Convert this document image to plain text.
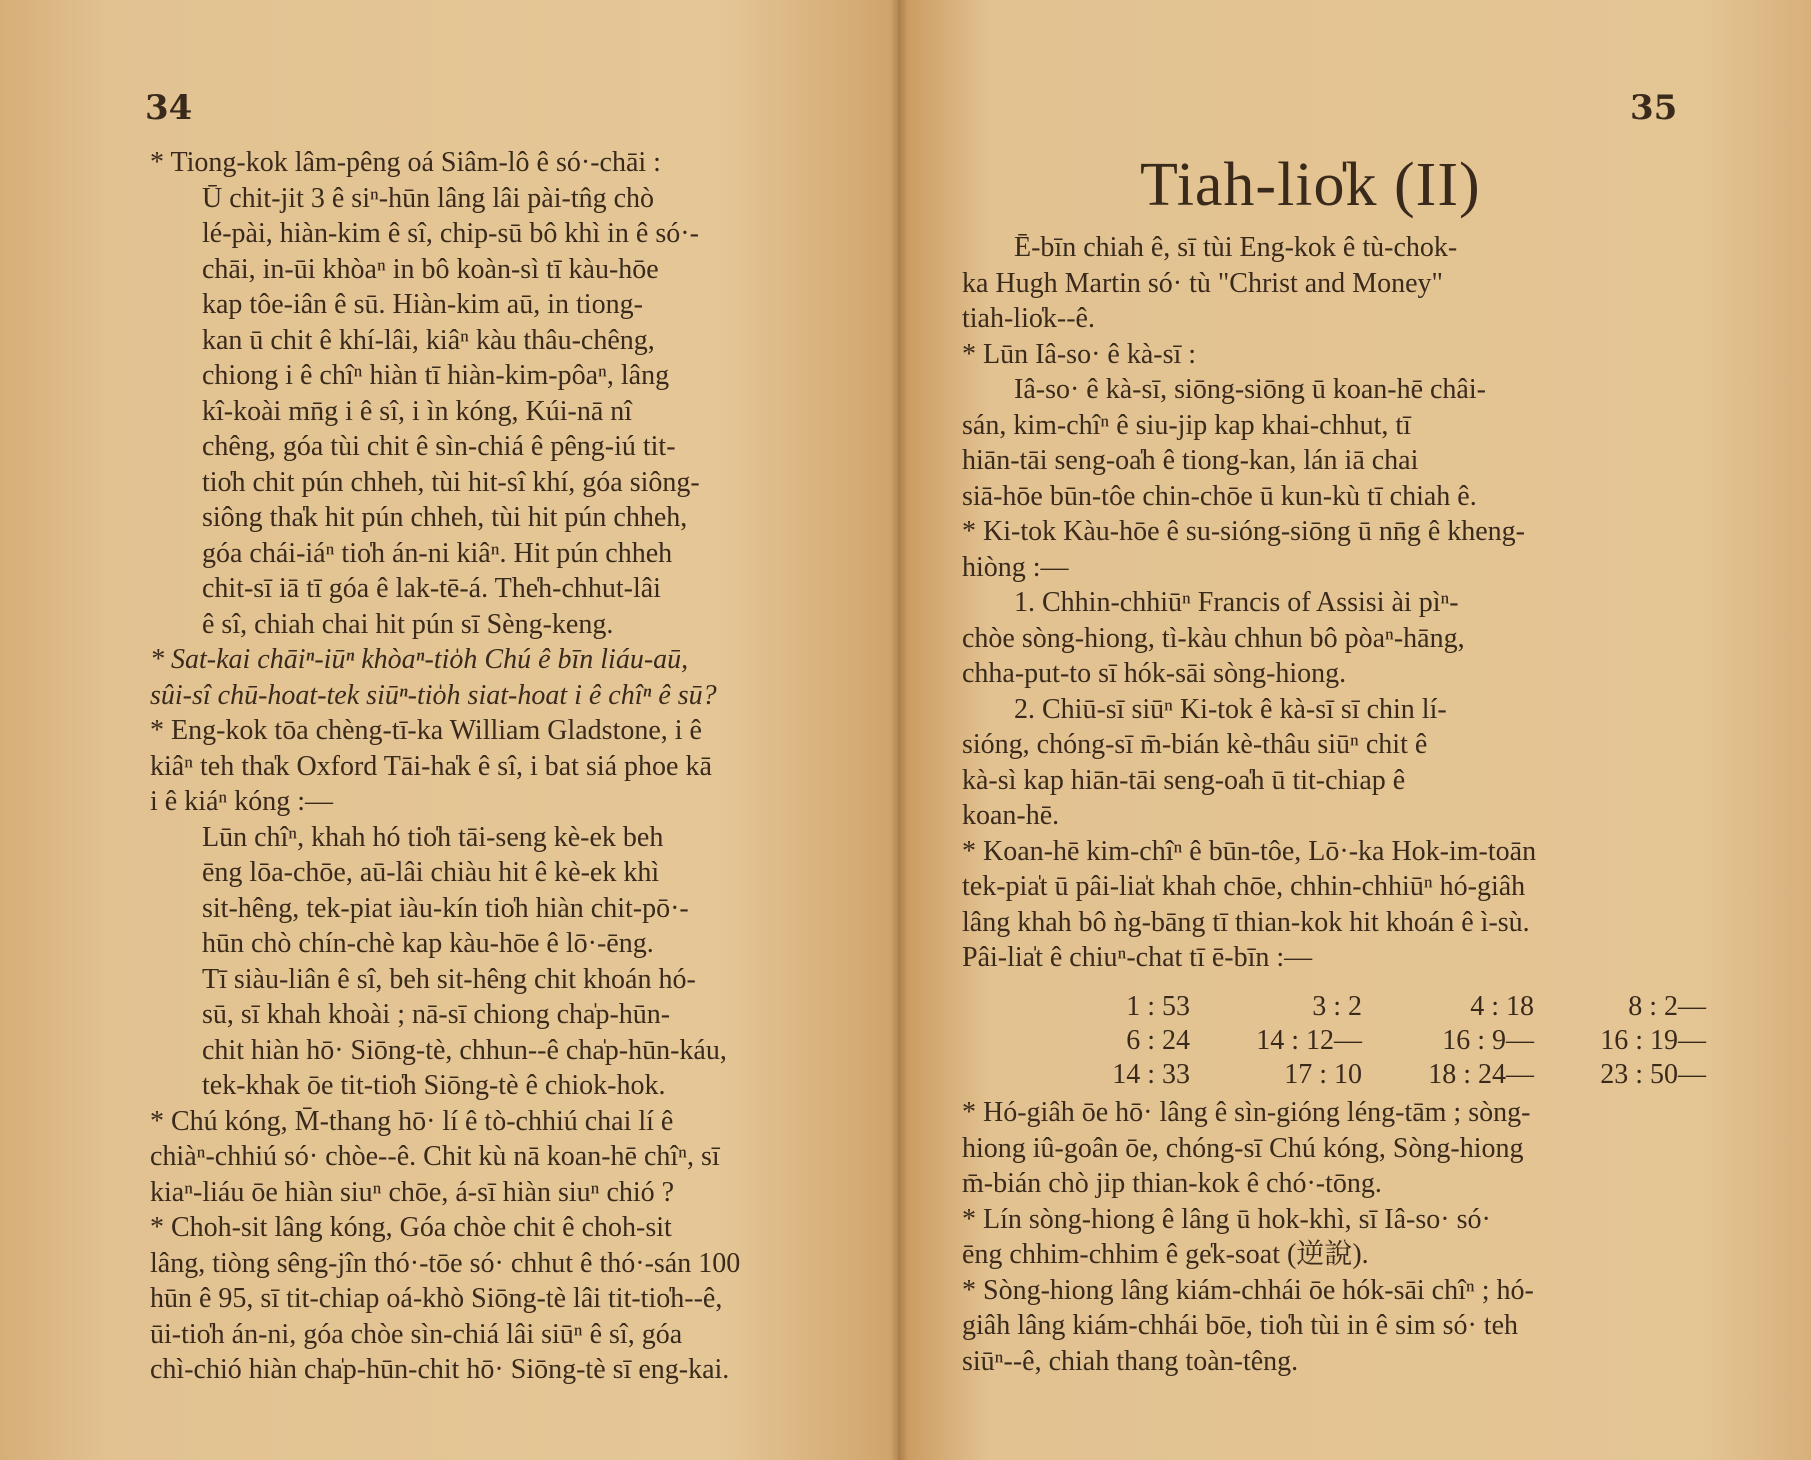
34	35
* Tiong-kok lâm-pêng oá Siâm-lô ê só·-chāi :
Ū chit-jit 3 ê siⁿ-hūn lâng lâi pài-tn̂g chò
lé-pài, hiàn-kim ê sî, chip-sū bô khì in ê só·-
chāi, in-ūi khòaⁿ in bô koàn-sì tī kàu-hōe
kap tôe-iân ê sū. Hiàn-kim aū, in tiong-
kan ū chit ê khí-lâi, kiâⁿ kàu thâu-chêng,
chiong i ê chîⁿ hiàn tī hiàn-kim-pôaⁿ, lâng
kî-koài mn̄g i ê sî, i ìn kóng, Kúi-nā nî
chêng, góa tùi chit ê sìn-chiá ê pêng-iú tit-
tio̍h chit pún chheh, tùi hit-sî khí, góa siông-
siông tha̍k hit pún chheh, tùi hit pún chheh,
góa chái-iáⁿ tio̍h án-ni kiâⁿ. Hit pún chheh
chit-sī iā tī góa ê lak-tē-á. The̍h-chhut-lâi
ê sî, chiah chai hit pún sī Sèng-keng.
* Sat-kai chāiⁿ-iūⁿ khòaⁿ-tio̍h Chú ê bīn liáu-aū,
sûi-sî chū-hoat-tek siūⁿ-tio̍h siat-hoat i ê chîⁿ ê sū?
* Eng-kok tōa chèng-tī-ka William Gladstone, i ê
kiâⁿ teh tha̍k Oxford Tāi-ha̍k ê sî, i bat siá phoe kā
i ê kiáⁿ kóng :—
Lūn chîⁿ, khah hó tio̍h tāi-seng kè-ek beh
ēng lōa-chōe, aū-lâi chiàu hit ê kè-ek khì
sit-hêng, tek-piat iàu-kín tio̍h hiàn chit-pō·-
hūn chò chín-chè kap kàu-hōe ê lō·-ēng.
Tī siàu-liân ê sî, beh sit-hêng chit khoán hó-
sū, sī khah khoài ; nā-sī chiong cha̍p-hūn-
chit hiàn hō· Siōng-tè, chhun--ê cha̍p-hūn-káu,
tek-khak ōe tit-tio̍h Siōng-tè ê chiok-hok.
* Chú kóng, M̄-thang hō· lí ê tò-chhiú chai lí ê
chiàⁿ-chhiú só· chòe--ê. Chit kù nā koan-hē chîⁿ, sī
kiaⁿ-liáu ōe hiàn siuⁿ chōe, á-sī hiàn siuⁿ chió ?
* Choh-sit lâng kóng, Góa chòe chit ê choh-sit
lâng, tiòng sêng-jîn thó·-tōe só· chhut ê thó·-sán 100
hūn ê 95, sī tit-chiap oá-khò Siōng-tè lâi tit-tio̍h--ê,
ūi-tio̍h án-ni, góa chòe sìn-chiá lâi siūⁿ ê sî, góa
chì-chió hiàn cha̍p-hūn-chit hō· Siōng-tè sī eng-kai.
Tiah-lio̍k (II)
Ē-bīn chiah ê, sī tùi Eng-kok ê tù-chok-
ka Hugh Martin só· tù "Christ and Money"
tiah-lio̍k--ê.
* Lūn Iâ-so· ê kà-sī :
Iâ-so· ê kà-sī, siōng-siōng ū koan-hē châi-
sán, kim-chîⁿ ê siu-jip kap khai-chhut, tī
hiān-tāi seng-oa̍h ê tiong-kan, lán iā chai
siā-hōe būn-tôe chin-chōe ū kun-kù tī chiah ê.
* Ki-tok Kàu-hōe ê su-sióng-siōng ū nn̄g ê kheng-
hiòng :—
1. Chhin-chhiūⁿ Francis of Assisi ài pìⁿ-
chòe sòng-hiong, tì-kàu chhun bô pòaⁿ-hāng,
chha-put-to sī hók-sāi sòng-hiong.
2. Chiū-sī siūⁿ Ki-tok ê kà-sī sī chin lí-
sióng, chóng-sī m̄-bián kè-thâu siūⁿ chit ê
kà-sì kap hiān-tāi seng-oa̍h ū tit-chiap ê
koan-hē.
* Koan-hē kim-chîⁿ ê būn-tôe, Lō·-ka Hok-im-toān
tek-pia̍t ū pâi-lia̍t khah chōe, chhin-chhiūⁿ hó-giâh
lâng khah bô ǹg-bāng tī thian-kok hit khoán ê ì-sù.
Pâi-lia̍t ê chiuⁿ-chat tī ē-bīn :—
1 : 53	3 : 2	4 : 18	8 : 2—
6 : 24	14 : 12—	16 : 9—	16 : 19—
14 : 33	17 : 10	18 : 24—	23 : 50—
* Hó-giâh ōe hō· lâng ê sìn-gióng léng-tām ; sòng-
hiong iû-goân ōe, chóng-sī Chú kóng, Sòng-hiong
m̄-bián chò jip thian-kok ê chó·-tōng.
* Lín sòng-hiong ê lâng ū hok-khì, sī Iâ-so· só·
ēng chhim-chhim ê ge̍k-soat (逆說).
* Sòng-hiong lâng kiám-chhái ōe hók-sāi chîⁿ ; hó-
giâh lâng kiám-chhái bōe, tio̍h tùi in ê sim só· teh
siūⁿ--ê, chiah thang toàn-têng.
